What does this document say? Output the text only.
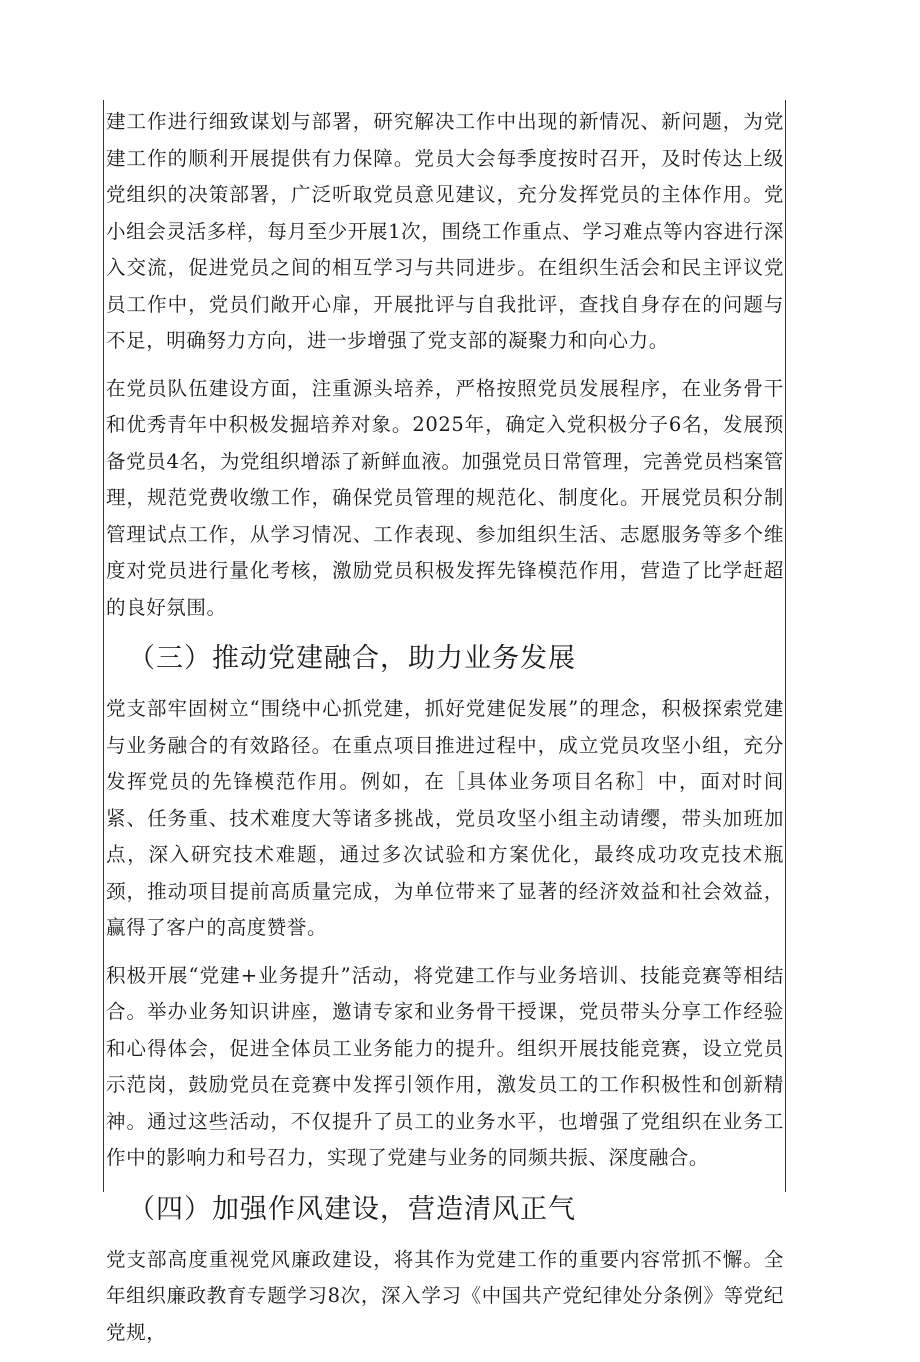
建工作进行细致谋划与部署，研究解决工作中出现的新情况、新问题，为党建工作的顺利开展提供有力保障。党员大会每季度按时召开，及时传达上级党组织的决策部署，广泛听取党员意见建议，充分发挥党员的主体作用。党小组会灵活多样，每月至少开展1次，围绕工作重点、学习难点等内容进行深入交流，促进党员之间的相互学习与共同进步。在组织生活会和民主评议党员工作中，党员们敞开心扉，开展批评与自我批评，查找自身存在的问题与不足，明确努力方向，进一步增强了党支部的凝聚力和向心力。

在党员队伍建设方面，注重源头培养，严格按照党员发展程序，在业务骨干和优秀青年中积极发掘培养对象。2025年，确定入党积极分子6名，发展预备党员4名，为党组织增添了新鲜血液。加强党员日常管理，完善党员档案管理，规范党费收缴工作，确保党员管理的规范化、制度化。开展党员积分制管理试点工作，从学习情况、工作表现、参加组织生活、志愿服务等多个维度对党员进行量化考核，激励党员积极发挥先锋模范作用，营造了比学赶超的良好氛围。

（三）推动党建融合，助力业务发展

党支部牢固树立“围绕中心抓党建，抓好党建促发展”的理念，积极探索党建与业务融合的有效路径。在重点项目推进过程中，成立党员攻坚小组，充分发挥党员的先锋模范作用。例如，在［具体业务项目名称］中，面对时间紧、任务重、技术难度大等诸多挑战，党员攻坚小组主动请缨，带头加班加点，深入研究技术难题，通过多次试验和方案优化，最终成功攻克技术瓶颈，推动项目提前高质量完成，为单位带来了显著的经济效益和社会效益，赢得了客户的高度赞誉。

积极开展“党建+业务提升”活动，将党建工作与业务培训、技能竞赛等相结合。举办业务知识讲座，邀请专家和业务骨干授课，党员带头分享工作经验和心得体会，促进全体员工业务能力的提升。组织开展技能竞赛，设立党员示范岗，鼓励党员在竞赛中发挥引领作用，激发员工的工作积极性和创新精神。通过这些活动，不仅提升了员工的业务水平，也增强了党组织在业务工作中的影响力和号召力，实现了党建与业务的同频共振、深度融合。

（四）加强作风建设，营造清风正气

党支部高度重视党风廉政建设，将其作为党建工作的重要内容常抓不懈。全年组织廉政教育专题学习8次，深入学习《中国共产党纪律处分条例》等党纪党规，
